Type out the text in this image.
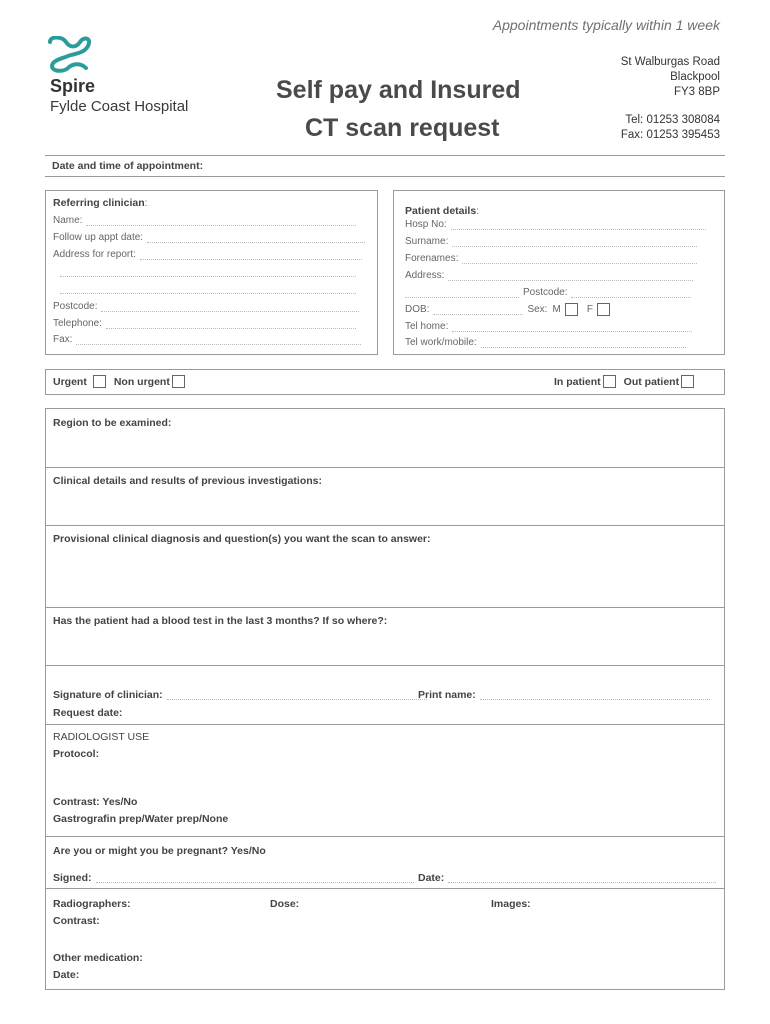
Appointments typically within 1 week
Spire
Fylde Coast Hospital
Self pay and Insured
CT scan request
St Walburgas Road
Blackpool
FY3 8BP
Tel: 01253 308084
Fax: 01253 395453
Date and time of appointment:
Referring clinician:
Name:
Follow up appt date:
Address for report:
Postcode:
Telephone:
Fax:
Patient details:
Hosp No:
Surname:
Forenames:
Address:
Postcode:
DOB:	Sex: M	F
Tel home:
Tel work/mobile:
Urgent	Non urgent	In patient Out patient
Region to be examined:
Clinical details and results of previous investigations:
Provisional clinical diagnosis and question(s) you want the scan to answer:
Has the patient had a blood test in the last 3 months? If so where?:
Signature of clinician:	Print name:
Request date:
RADIOLOGIST USE
Protocol:
Contrast: Yes/No
Gastrografin prep/Water prep/None
Are you or might you be pregnant? Yes/No
Signed:	Date:
Radiographers:	Dose:	Images:
Contrast:
Other medication:
Date:
